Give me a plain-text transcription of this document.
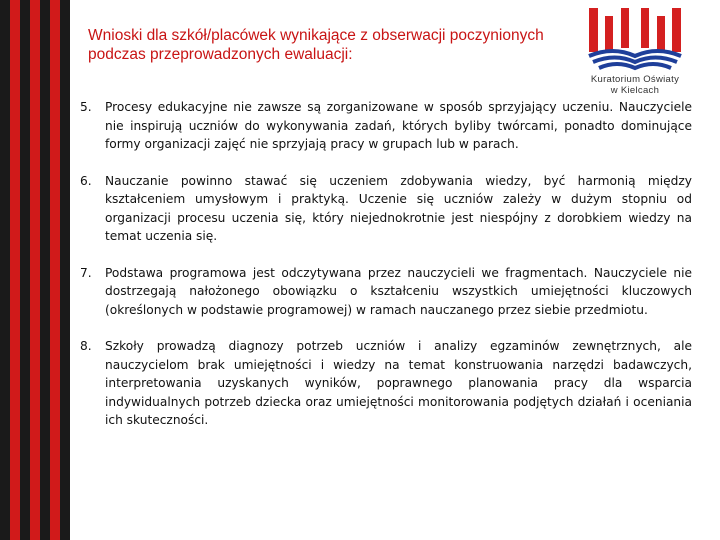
Wnioski dla szkół/placówek wynikające z obserwacji poczynionych podczas przeprowadzonych ewaluacji:
Kuratorium Oświaty
w Kielcach
5.	Procesy edukacyjne nie zawsze są zorganizowane w sposób sprzyjający uczeniu. Nauczyciele nie inspirują uczniów do wykonywania zadań, których byliby twórcami, ponadto dominujące formy organizacji zajęć nie sprzyjają pracy w grupach lub w parach.
6.	Nauczanie powinno stawać się uczeniem zdobywania wiedzy, być harmonią między kształceniem umysłowym i praktyką. Uczenie się uczniów zależy w dużym stopniu od organizacji procesu uczenia się, który niejednokrotnie jest niespójny z dorobkiem wiedzy na temat uczenia się.
7.	Podstawa programowa jest odczytywana przez nauczycieli we fragmentach. Nauczyciele nie dostrzegają nałożonego obowiązku o kształceniu wszystkich umiejętności kluczowych (określonych w podstawie programowej) w ramach nauczanego przez siebie przedmiotu.
8.	Szkoły prowadzą diagnozy potrzeb uczniów i analizy egzaminów zewnętrznych, ale nauczycielom brak umiejętności i wiedzy na temat konstruowania narzędzi badawczych, interpretowania uzyskanych wyników, poprawnego planowania pracy dla wsparcia indywidualnych potrzeb dziecka oraz umiejętności monitorowania podjętych działań i oceniania ich skuteczności.
